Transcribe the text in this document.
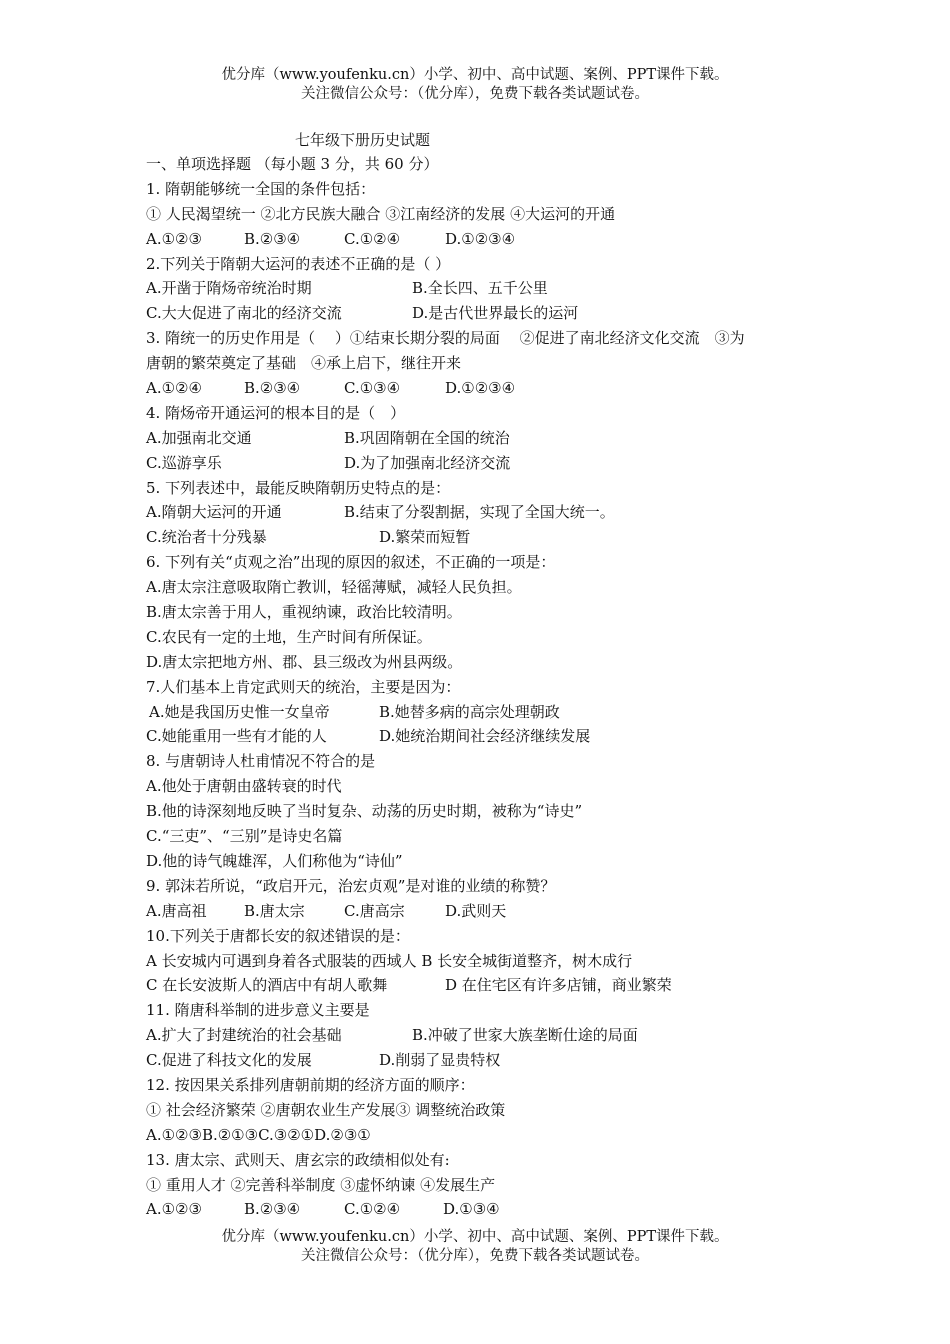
优分库（www.youfenku.cn）小学、初中、高中试题、案例、PPT课件下载。
关注微信公众号：（优分库），免费下载各类试题试卷。
七年级下册历史试题
一、单项选择题 （每小题 3 分，共 60 分）
1. 隋朝能够统一全国的条件包括：
① 人民渴望统一 ②北方民族大融合 ③江南经济的发展 ④大运河的开通
A.①②③	B.②③④	C.①②④	D.①②③④
2.下列关于隋朝大运河的表述不正确的是（ ）
A.开凿于隋炀帝统治时期	B.全长四、五千公里
C.大大促进了南北的经济交流	D.是古代世界最长的运河
3. 隋统一的历史作用是（　 ）①结束长期分裂的局面　 ②促进了南北经济文化交流　③为
唐朝的繁荣奠定了基础　④承上启下，继往开来
A.①②④	B.②③④	C.①③④	D.①②③④
4. 隋炀帝开通运河的根本目的是（　）
A.加强南北交通	B.巩固隋朝在全国的统治
C.巡游享乐	D.为了加强南北经济交流
5. 下列表述中，最能反映隋朝历史特点的是：
A.隋朝大运河的开通	B.结束了分裂割据，实现了全国大统一。
C.统治者十分残暴	D.繁荣而短暂
6. 下列有关“贞观之治”出现的原因的叙述，不正确的一项是：
A.唐太宗注意吸取隋亡教训，轻徭薄赋，减轻人民负担。
B.唐太宗善于用人，重视纳谏，政治比较清明。
C.农民有一定的土地，生产时间有所保证。
D.唐太宗把地方州、郡、县三级改为州县两级。
7.人们基本上肯定武则天的统治，主要是因为：
A.她是我国历史惟一女皇帝	B.她替多病的高宗处理朝政
C.她能重用一些有才能的人	D.她统治期间社会经济继续发展
8. 与唐朝诗人杜甫情况不符合的是
A.他处于唐朝由盛转衰的时代
B.他的诗深刻地反映了当时复杂、动荡的历史时期，被称为“诗史”
C.“三吏”、“三别”是诗史名篇
D.他的诗气魄雄浑，人们称他为“诗仙”
9. 郭沫若所说，“政启开元，治宏贞观”是对谁的业绩的称赞？
A.唐高祖 B.唐太宗	C.唐高宗	D.武则天
10.下列关于唐都长安的叙述错误的是：
A 长安城内可遇到身着各式服装的西域人 B 长安全城街道整齐，树木成行
C 在长安波斯人的酒店中有胡人歌舞	D 在住宅区有许多店铺，商业繁荣
11. 隋唐科举制的进步意义主要是
A.扩大了封建统治的社会基础	B.冲破了世家大族垄断仕途的局面
C.促进了科技文化的发展	D.削弱了显贵特权
12. 按因果关系排列唐朝前期的经济方面的顺序：
① 社会经济繁荣 ②唐朝农业生产发展③ 调整统治政策
A.①②③B.②①③C.③②①D.②③①
13. 唐太宗、武则天、唐玄宗的政绩相似处有:
① 重用人才 ②完善科举制度 ③虚怀纳谏 ④发展生产
A.①②③	B.②③④	C.①②④	D.①③④
优分库（www.youfenku.cn）小学、初中、高中试题、案例、PPT课件下载。
关注微信公众号：（优分库），免费下载各类试题试卷。
